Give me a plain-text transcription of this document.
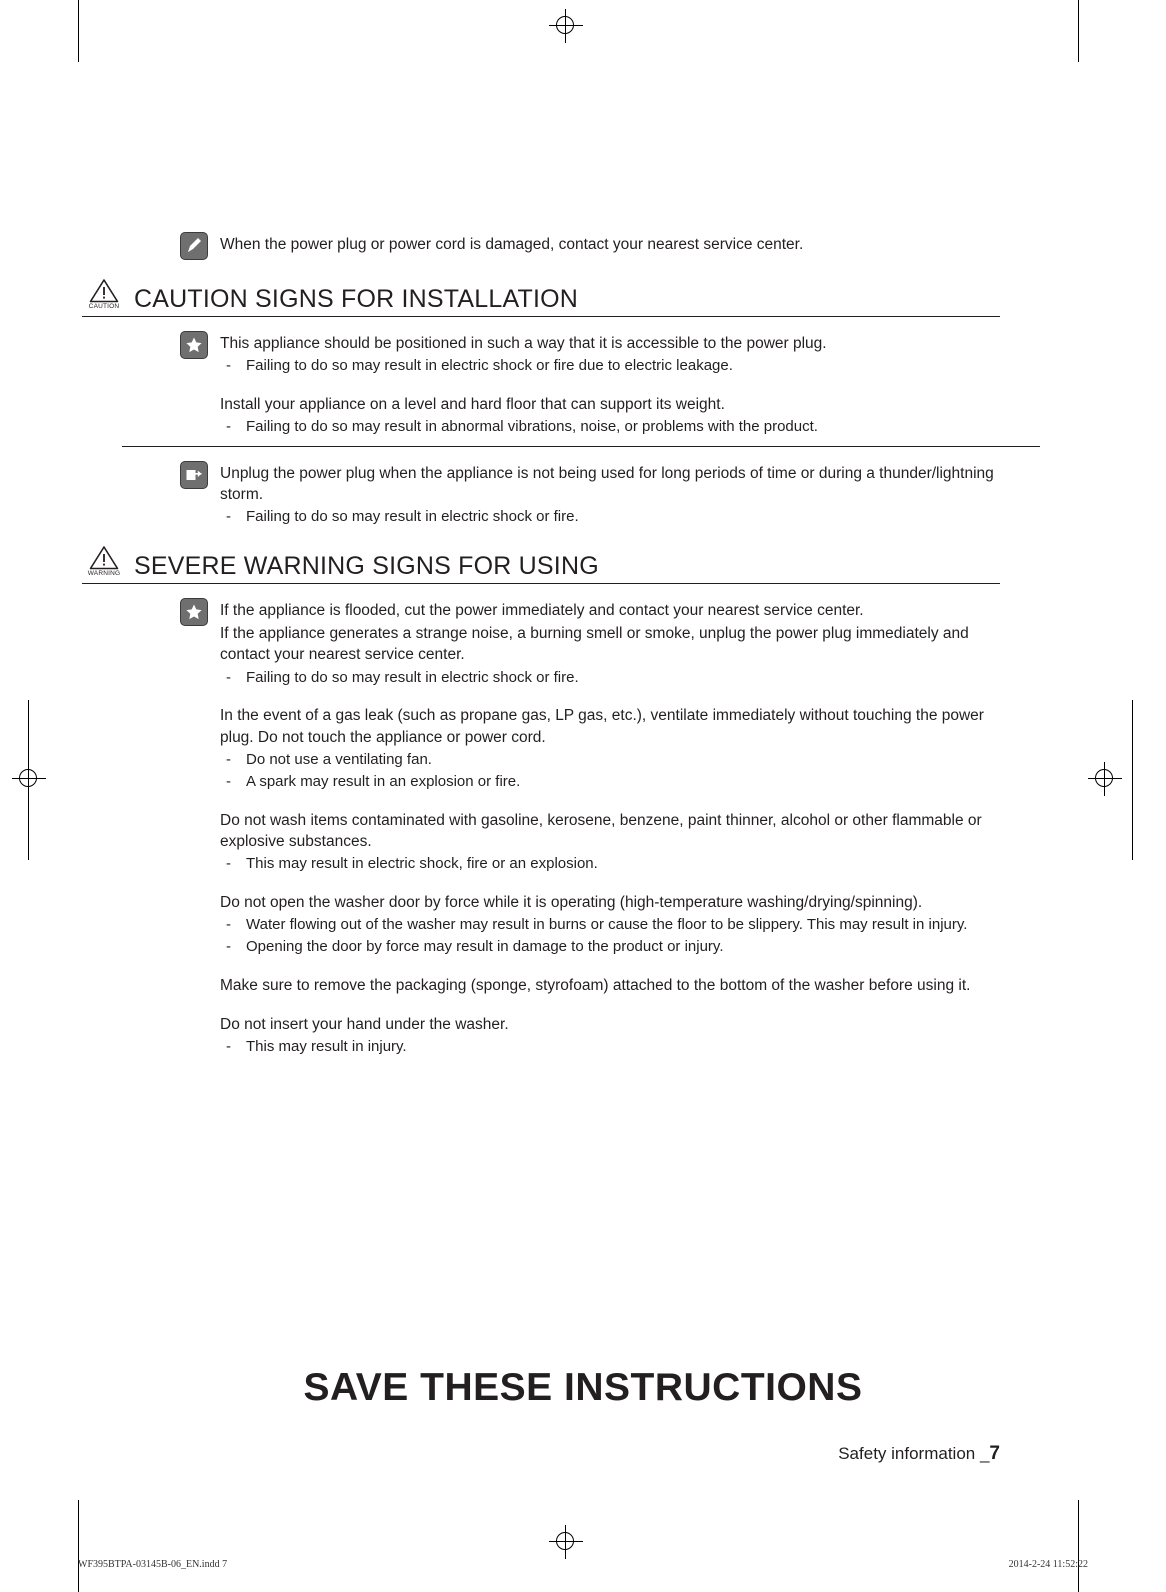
When the power plug or power cord is damaged, contact your nearest service center.
CAUTION CAUTION SIGNS FOR INSTALLATION

This appliance should be positioned in such a way that it is accessible to the power plug.

- Failing to do so may result in electric shock or fire due to electric leakage.

Install your appliance on a level and hard floor that can support its weight.

- Failing to do so may result in abnormal vibrations, noise, or problems with the product.

Unplug the power plug when the appliance is not being used for long periods of time or during a thunder/lightning storm.

- Failing to do so may result in electric shock or fire.
WARNING SEVERE WARNING SIGNS FOR USING

If the appliance is flooded, cut the power immediately and contact your nearest service center.

If the appliance generates a strange noise, a burning smell or smoke, unplug the power plug immediately and contact your nearest service center.

- Failing to do so may result in electric shock or fire.

In the event of a gas leak (such as propane gas, LP gas, etc.), ventilate immediately without touching the power plug. Do not touch the appliance or power cord.

- Do not use a ventilating fan.
- A spark may result in an explosion or fire.

Do not wash items contaminated with gasoline, kerosene, benzene, paint thinner, alcohol or other flammable or explosive substances.

- This may result in electric shock, fire or an explosion.

Do not open the washer door by force while it is operating (high-temperature washing/drying/spinning).

- Water flowing out of the washer may result in burns or cause the floor to be slippery. This may result in injury.
- Opening the door by force may result in damage to the product or injury.

Make sure to remove the packaging (sponge, styrofoam) attached to the bottom of the washer before using it.

Do not insert your hand under the washer.

- This may result in injury.
SAVE THESE INSTRUCTIONS
Safety information _7
WF395BTPA-03145B-06_EN.indd 7	2014-2-24 11:52:22
